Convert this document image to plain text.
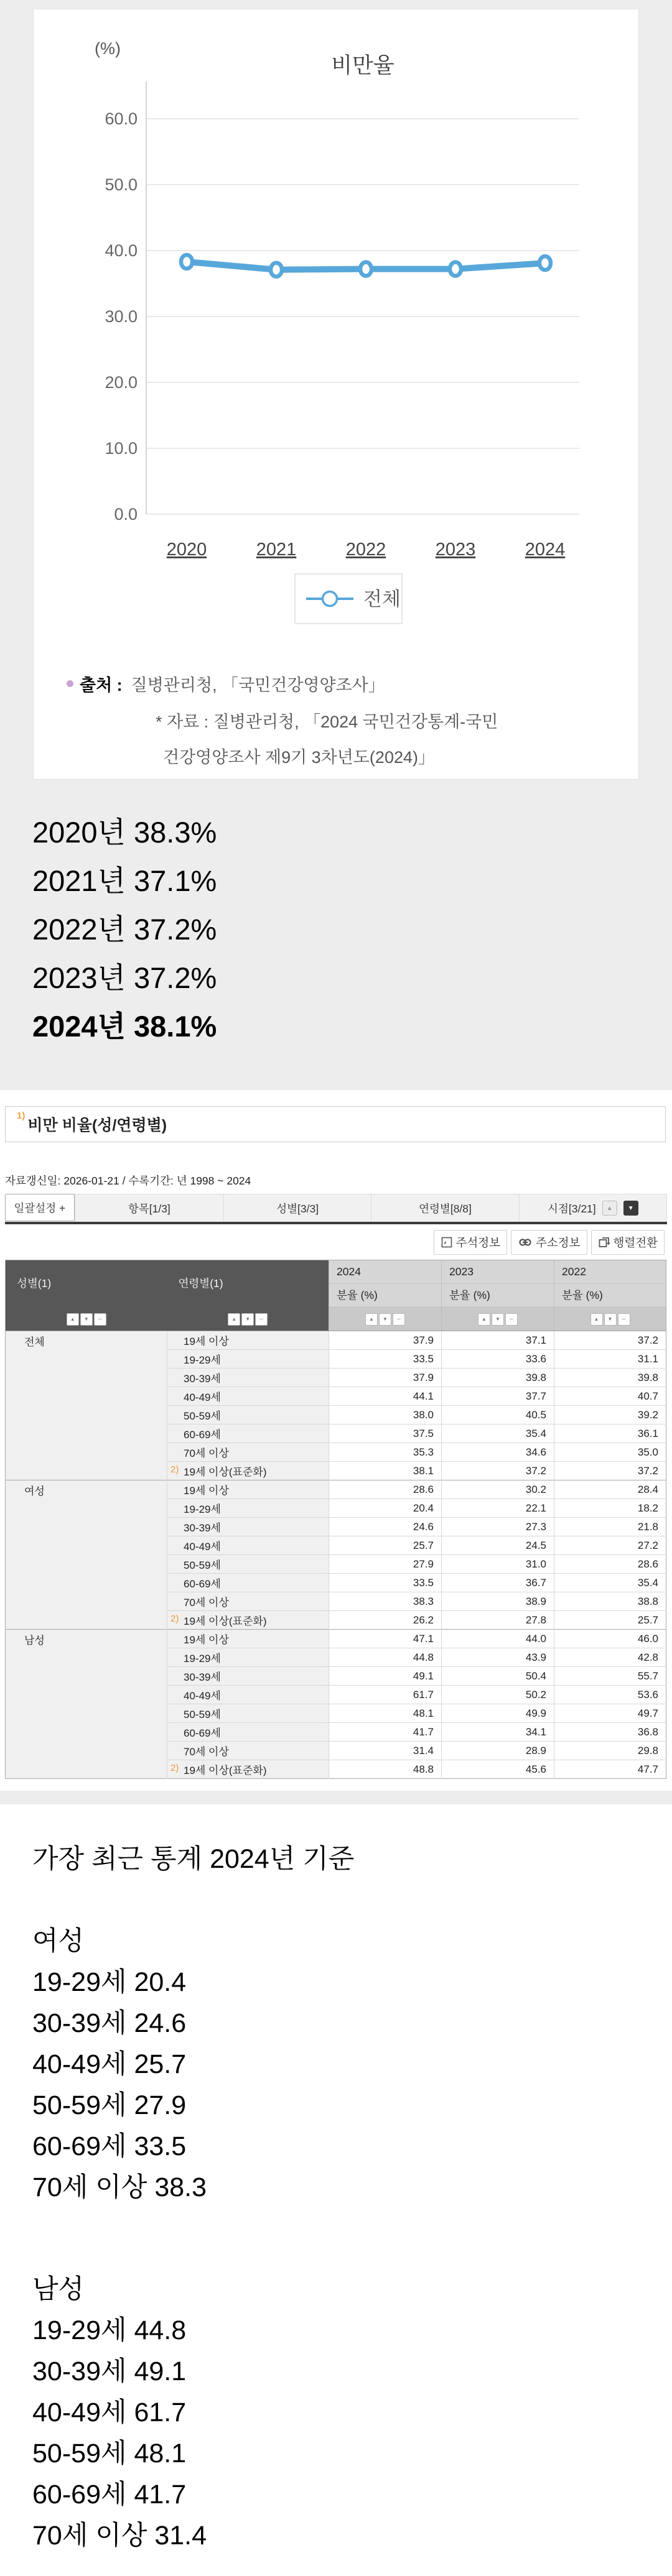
(%)
비만율
60.0
50.0
40.0
30.0
20.0
10.0
0.0
2020	2021	2022	2023	2024
전체
출처 : 질병관리청, 「국민건강영양조사」
* 자료 : 질병관리청, 「2024 국민건강통계-국민
건강영양조사 제9기 3차년도(2024)」
2020년 38.3%
2021년 37.1%
2022년 37.2%
2023년 37.2%
2024년 38.1%
1)
비만 비율(성/연령별)
자료갱신일: 2026-01-21 / 수록기간: 년 1998 ~ 2024
일괄설정 +	항목[1/3]	성별[3/3]	연령별[8/8]	시점[3/21]	▲	▼
주석정보	주소정보	행렬전환
성별(1)	연령별(1)	2024	2023	2022
		분율 (%)	분율 (%)	분율 (%)
▲ ▼ ─	▲ ▼ ─	▲ ▼ ─	▲ ▼ ─	▲ ▼ ─
전체	19세 이상	37.9	37.1	37.2
	19-29세	33.5	33.6	31.1
	30-39세	37.9	39.8	39.8
	40-49세	44.1	37.7	40.7
	50-59세	38.0	40.5	39.2
	60-69세	37.5	35.4	36.1
	70세 이상	35.3	34.6	35.0

	2) 19세 이상(표준화)	38.1	37.2	37.2
여성	19세 이상	28.6	30.2	28.4
	19-29세	20.4	22.1	18.2
	30-39세	24.6	27.3	21.8
	40-49세	25.7	24.5	27.2
	50-59세	27.9	31.0	28.6
	60-69세	33.5	36.7	35.4
	70세 이상	38.3	38.9	38.8

	2) 19세 이상(표준화)	26.2	27.8	25.7
남성	19세 이상	47.1	44.0	46.0
	19-29세	44.8	43.9	42.8
	30-39세	49.1	50.4	55.7
	40-49세	61.7	50.2	53.6
	50-59세	48.1	49.9	49.7
	60-69세	41.7	34.1	36.8
	70세 이상	31.4	28.9	29.8

	2) 19세 이상(표준화)	48.8	45.6	47.7
가장 최근 통계 2024년 기준

여성
19-29세 20.4
30-39세 24.6
40-49세 25.7
50-59세 27.9
60-69세 33.5
70세 이상 38.3

남성
19-29세 44.8
30-39세 49.1
40-49세 61.7
50-59세 48.1
60-69세 41.7
70세 이상 31.4
